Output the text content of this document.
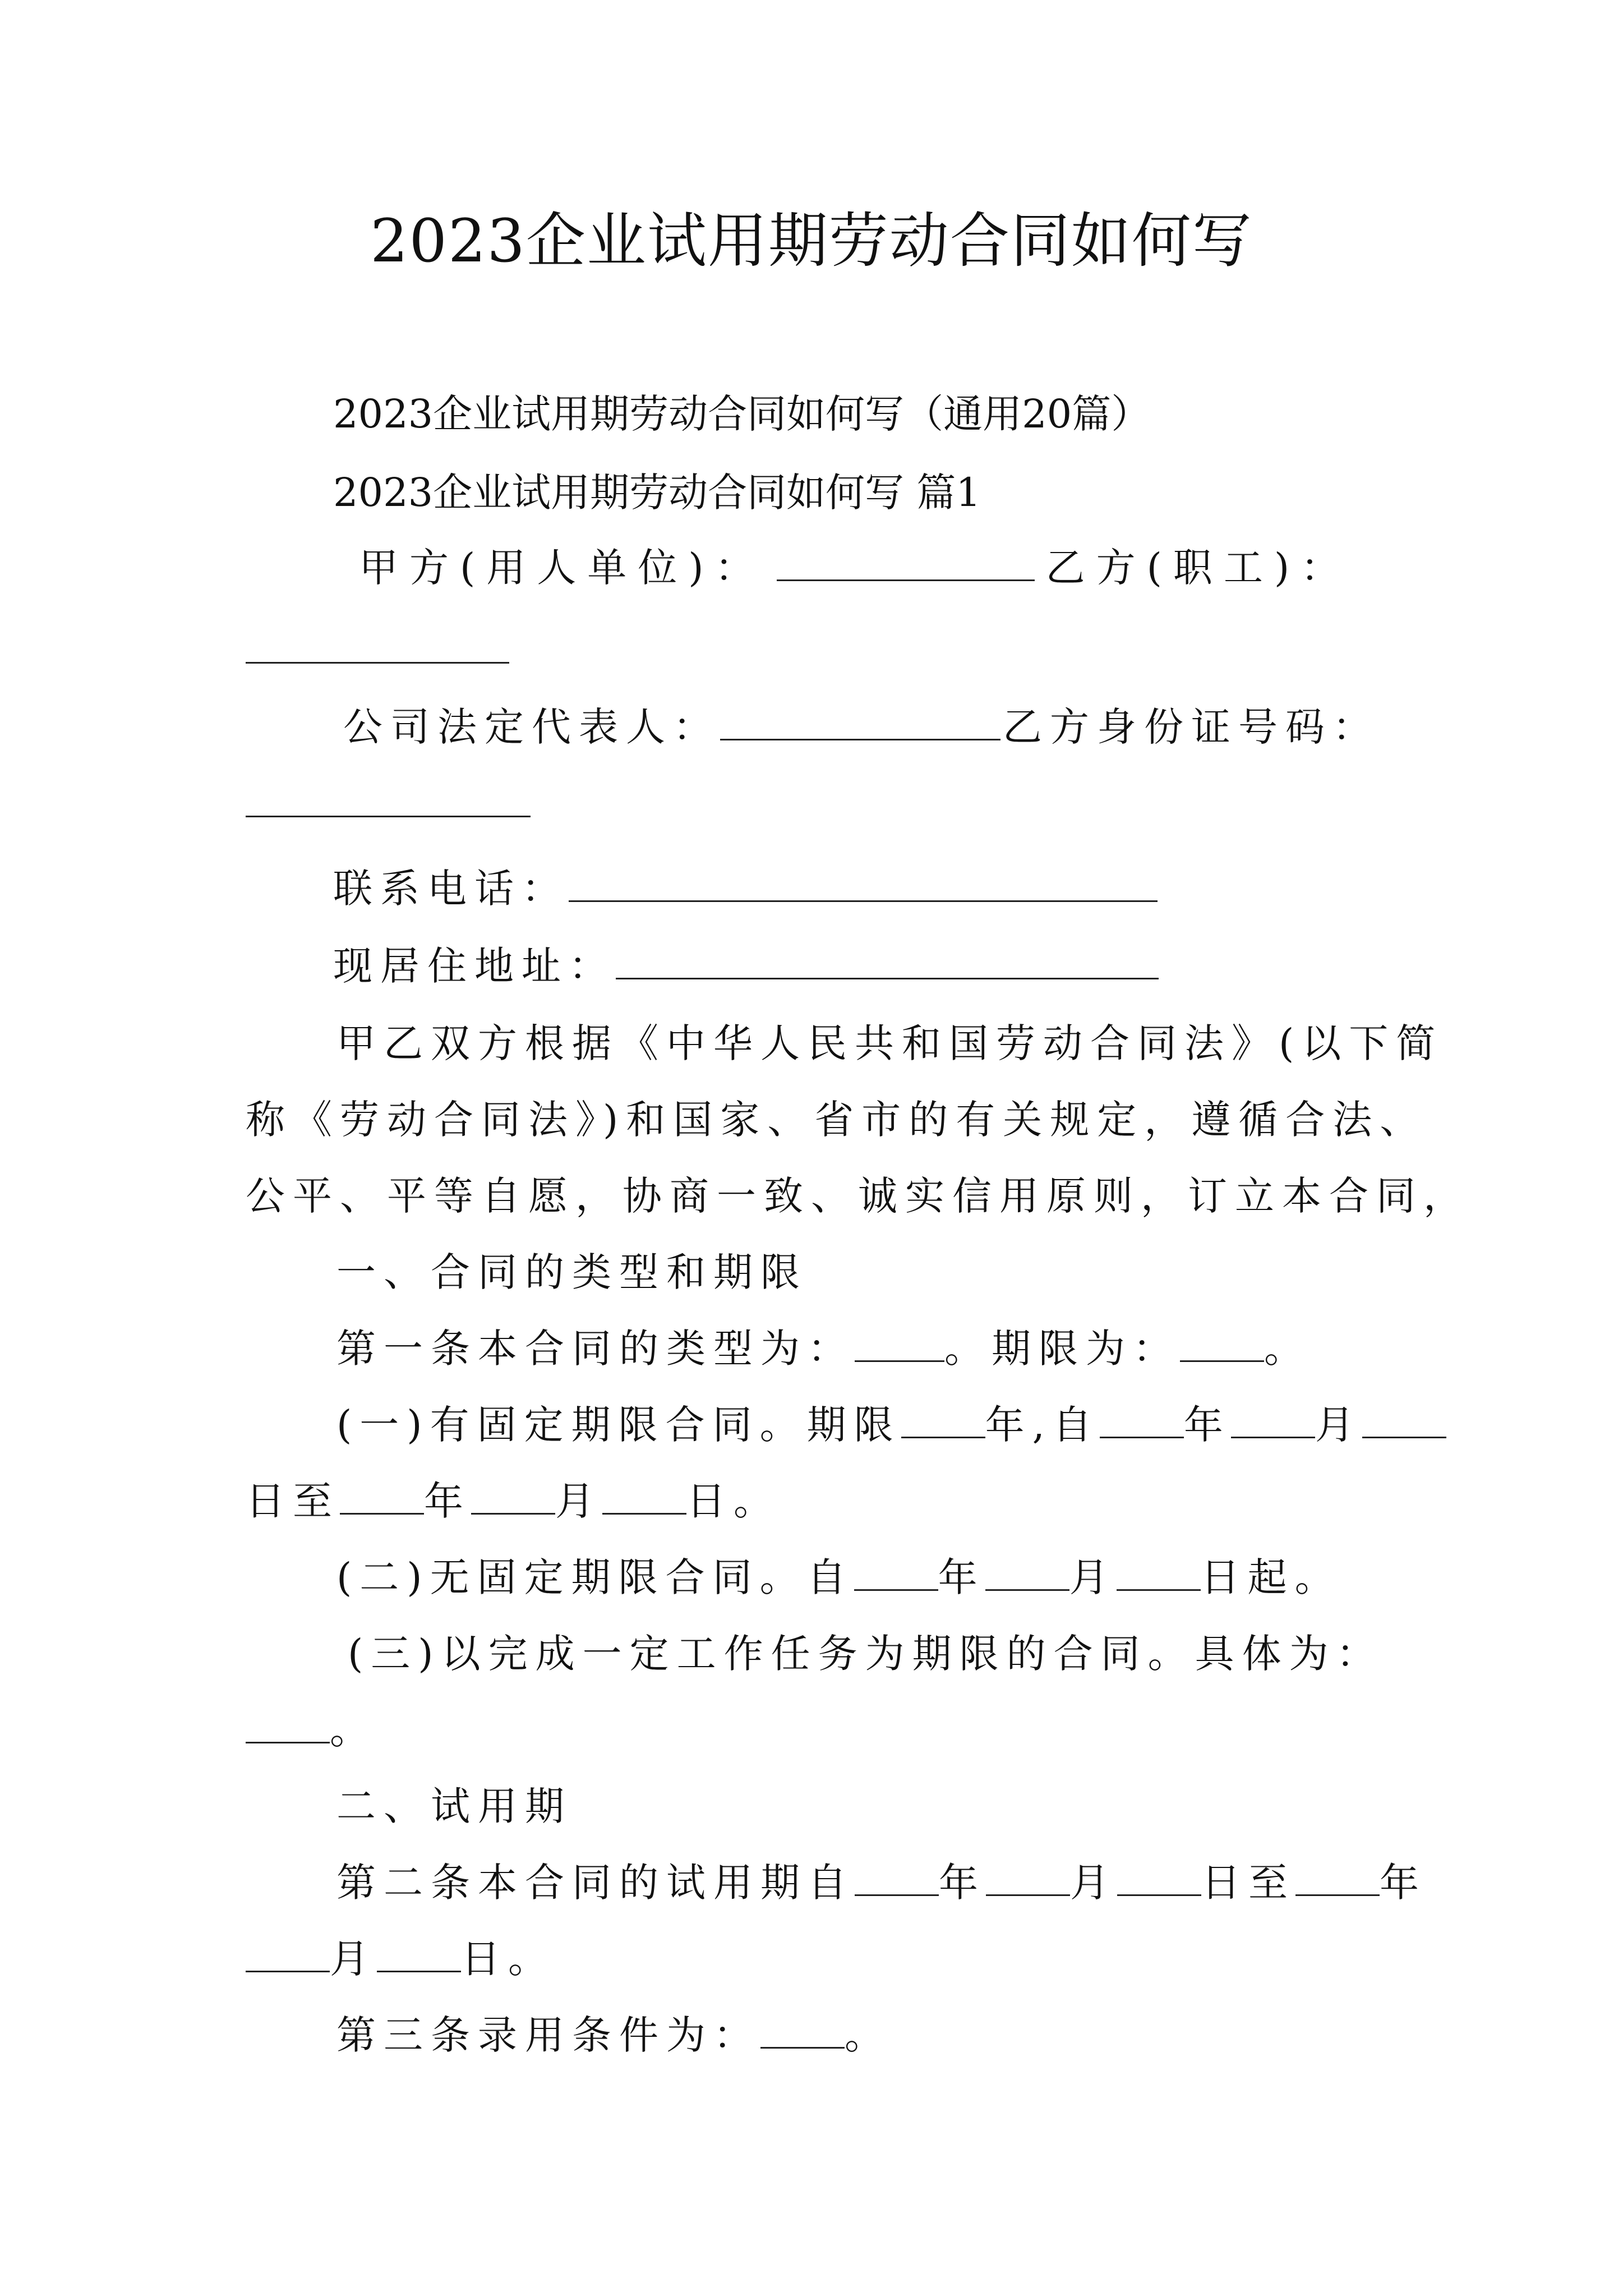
2023企业试用期劳动合同如何写
2023企业试用期劳动合同如何写（通用20篇）
2023企业试用期劳动合同如何写 篇1
甲方(用人单位)：	乙方(职工)：
公司法定代表人：	乙方身份证号码：
联系电话：
现居住地址：
甲乙双方根据《中华人民共和国劳动合同法》(以下简
称《劳动合同法》)和国家、省市的有关规定，遵循合法、
公平、平等自愿，协商一致、诚实信用原则，订立本合同，
一、合同的类型和期限
第一条本合同的类型为： 。期限为： 。
(一)有固定期限合同。期限 年,自 年 月
日至 年 月 日。
(二)无固定期限合同。自 年 月 日起。
(三)以完成一定工作任务为期限的合同。具体为：
。
二、试用期
第二条本合同的试用期自 年 月 日至 年
月 日。
第三条录用条件为： 。
